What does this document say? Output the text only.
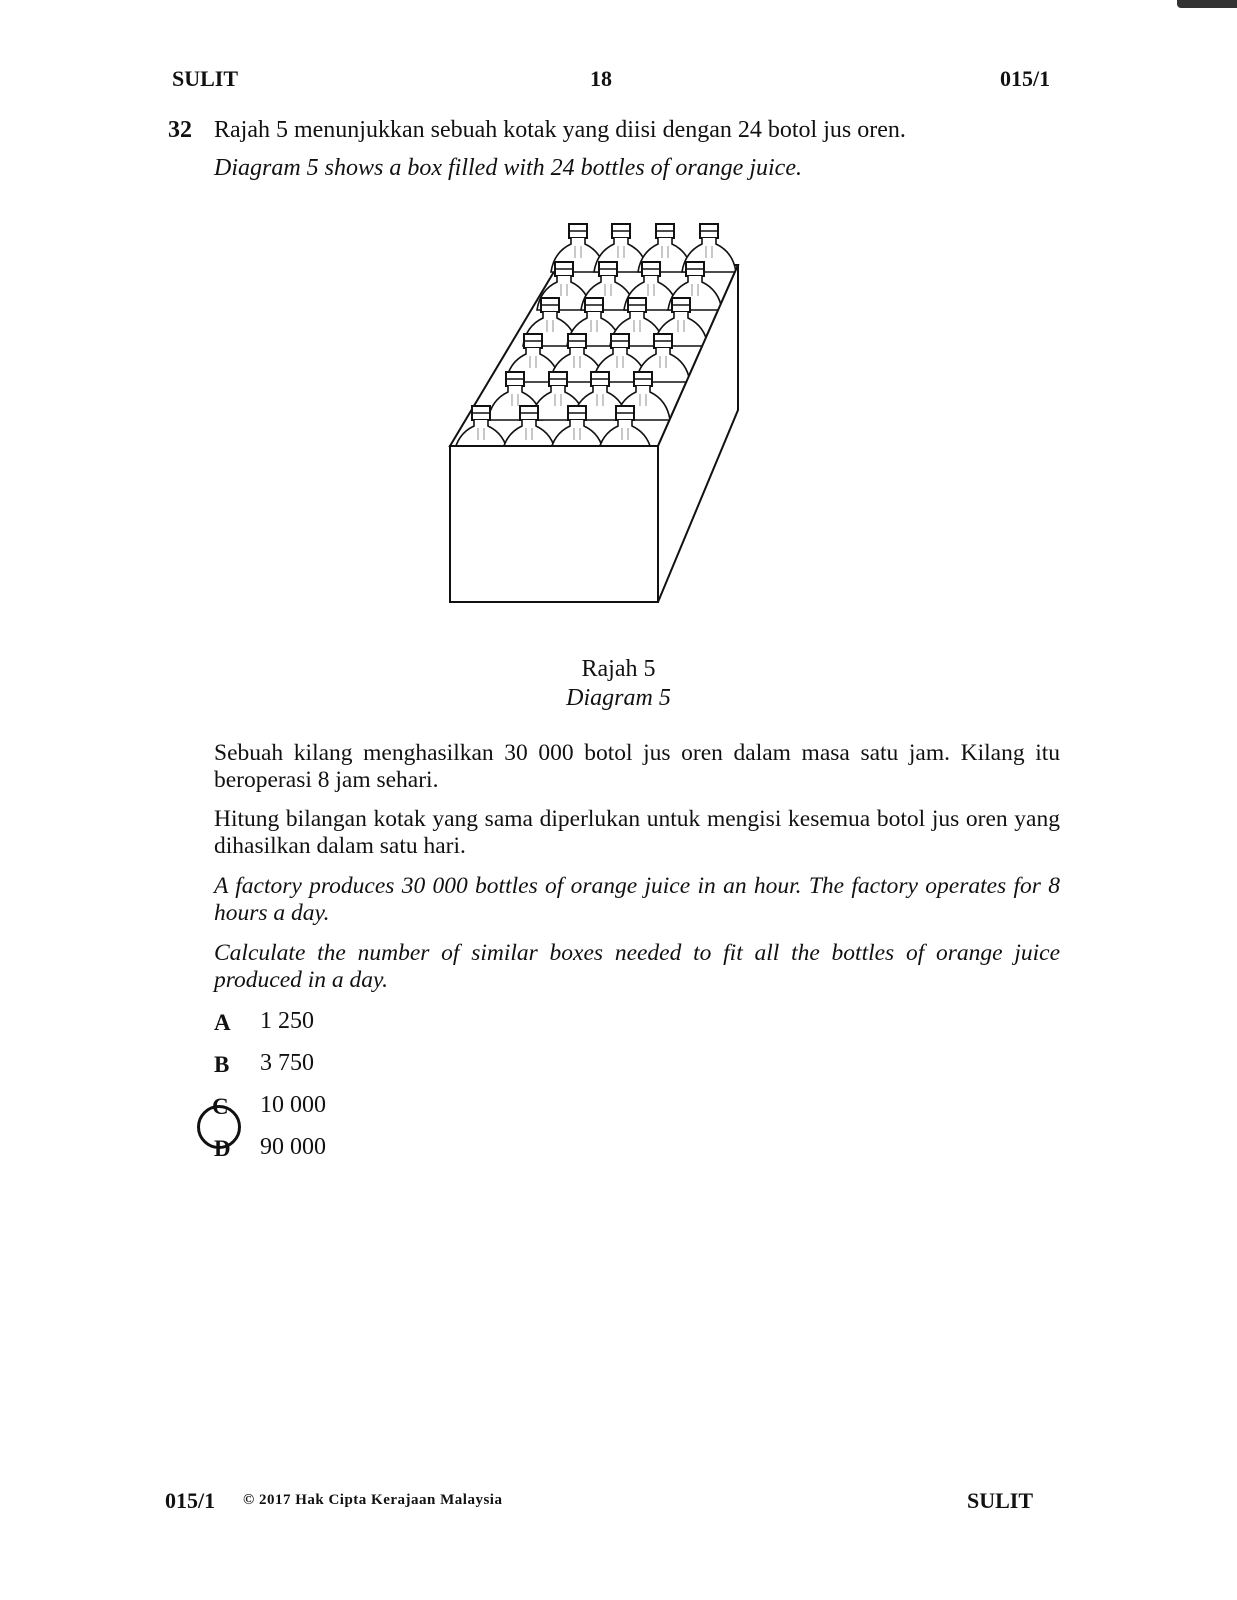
SULIT	18	015/1
32 Rajah 5 menunjukkan sebuah kotak yang diisi dengan 24 botol jus oren.
Diagram 5 shows a box filled with 24 bottles of orange juice.
Rajah 5
Diagram 5
Sebuah kilang menghasilkan 30 000 botol jus oren dalam masa satu jam. Kilang itu beroperasi 8 jam sehari.
Hitung bilangan kotak yang sama diperlukan untuk mengisi kesemua botol jus oren yang dihasilkan dalam satu hari.
A factory produces 30 000 bottles of orange juice in an hour. The factory operates for 8 hours a day.
Calculate the number of similar boxes needed to fit all the bottles of orange juice produced in a day.
A 1 250
B 3 750
C 10 000
D 90 000
015/1 © 2017 Hak Cipta Kerajaan Malaysia	SULIT
